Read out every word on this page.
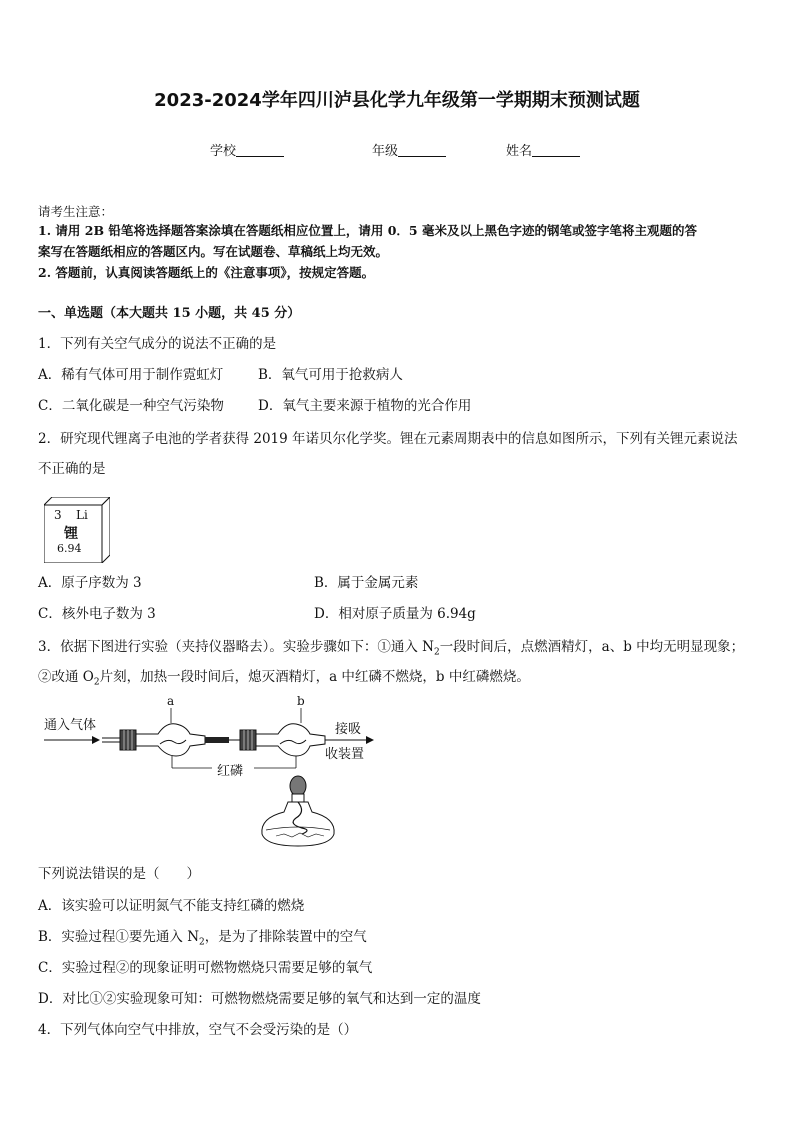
2023-2024学年四川泸县化学九年级第一学期期末预测试题
学校	年级	姓名
请考生注意：
1. 请用 2B 铅笔将选择题答案涂填在答题纸相应位置上，请用 0．5 毫米及以上黑色字迹的钢笔或签字笔将主观题的答
案写在答题纸相应的答题区内。写在试题卷、草稿纸上均无效。
2. 答题前，认真阅读答题纸上的《注意事项》，按规定答题。
一、单选题（本大题共 15 小题，共 45 分）
1．下列有关空气成分的说法不正确的是
A．稀有气体可用于制作霓虹灯	B．氧气可用于抢救病人
C．二氧化碳是一种空气污染物	D．氧气主要来源于植物的光合作用
2．研究现代锂离子电池的学者获得 2019 年诺贝尔化学奖。锂在元素周期表中的信息如图所示，下列有关锂元素说法
不正确的是
3 Li
锂
6.94
A．原子序数为 3	B．属于金属元素
C．核外电子数为 3	D．相对原子质量为 6.94g
3．依据下图进行实验（夹持仪器略去）。实验步骤如下：①通入 $N_2$一段时间后，点燃酒精灯，a、b 中均无明显现象；
②改通 $O_2$片刻，加热一段时间后，熄灭酒精灯，a 中红磷不燃烧，b 中红磷燃烧。
通入气体
a	b
接吸
收装置
红磷
下列说法错误的是（　　）
A．该实验可以证明氮气不能支持红磷的燃烧
B．实验过程①要先通入 $N_2$，是为了排除装置中的空气
C．实验过程②的现象证明可燃物燃烧只需要足够的氧气
D．对比①②实验现象可知：可燃物燃烧需要足够的氧气和达到一定的温度
4．下列气体向空气中排放，空气不会受污染的是（）
